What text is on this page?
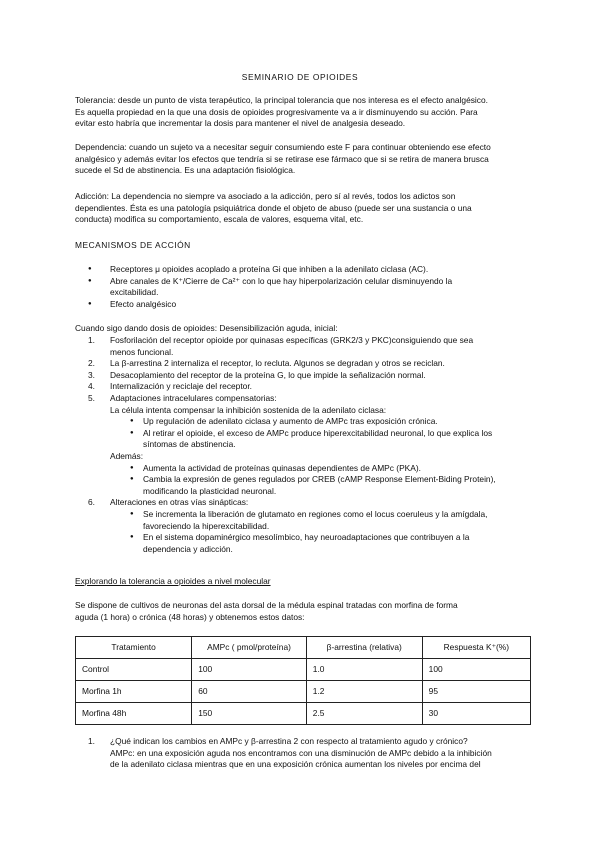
SEMINARIO DE OPIOIDES

Tolerancia: desde un punto de vista terapéutico, la principal tolerancia que nos interesa es el efecto analgésico.
Es aquella propiedad en la que una dosis de opioides progresivamente va a ir disminuyendo su acción. Para
evitar esto habría que incrementar la dosis para mantener el nivel de analgesia deseado.

Dependencia: cuando un sujeto va a necesitar seguir consumiendo este F para continuar obteniendo ese efecto
analgésico y además evitar los efectos que tendría si se retirase ese fármaco que si se retira de manera brusca
sucede el Sd de abstinencia. Es una adaptación fisiológica.

Adicción: La dependencia no siempre va asociado a la adicción, pero sí al revés, todos los adictos son
dependientes. Ésta es una patología psiquiátrica donde el objeto de abuso (puede ser una sustancia o una
conducta) modifica su comportamiento, escala de valores, esquema vital, etc.

MECANISMOS DE ACCIÓN
● Receptores μ opioides acoplado a proteína Gi que inhiben a la adenilato ciclasa (AC).
● Abre canales de K⁺/Cierre de Ca²⁺ con lo que hay hiperpolarización celular disminuyendo la
excitabilidad.
● Efecto analgésico
Cuando sigo dando dosis de opioides: Desensibilización aguda, inicial:
1. Fosforilación del receptor opioide por quinasas específicas (GRK2/3 y PKC)consiguiendo que sea
menos funcional.
2. La β-arrestina 2 internaliza el receptor, lo recluta. Algunos se degradan y otros se reciclan.
3. Desacoplamiento del receptor de la proteína G, lo que impide la señalización normal.
4. Internalización y reciclaje del receptor.
5. Adaptaciones intracelulares compensatorias:
La célula intenta compensar la inhibición sostenida de la adenilato ciclasa:
● Up regulación de adenilato ciclasa y aumento de AMPc tras exposición crónica.
● Al retirar el opioide, el exceso de AMPc produce hiperexcitabilidad neuronal, lo que explica los
síntomas de abstinencia.
Además:
● Aumenta la actividad de proteínas quinasas dependientes de AMPc (PKA).
● Cambia la expresión de genes regulados por CREB (cAMP Response Element-Biding Protein),
modificando la plasticidad neuronal.
6. Alteraciones en otras vías sinápticas:
● Se incrementa la liberación de glutamato en regiones como el locus coeruleus y la amígdala,
favoreciendo la hiperexcitabilidad.
● En el sistema dopaminérgico mesolímbico, hay neuroadaptaciones que contribuyen a la
dependencia y adicción.
Explorando la tolerancia a opioides a nivel molecular

Se dispone de cultivos de neuronas del asta dorsal de la médula espinal tratadas con morfina de forma
aguda (1 hora) o crónica (48 horas) y obtenemos estos datos:

Tratamiento	AMPc ( pmol/proteína)	β-arrestina (relativa)	Respuesta K⁺(%)
Control	100	1.0	100
Morfina 1h	60	1.2	95
Morfina 48h	150	2.5	30
1. ¿Qué indican los cambios en AMPc y β-arrestina 2 con respecto al tratamiento agudo y crónico?
AMPc: en una exposición aguda nos encontramos con una disminución de AMPc debido a la inhibición
de la adenilato ciclasa mientras que en una exposición crónica aumentan los niveles por encima del
